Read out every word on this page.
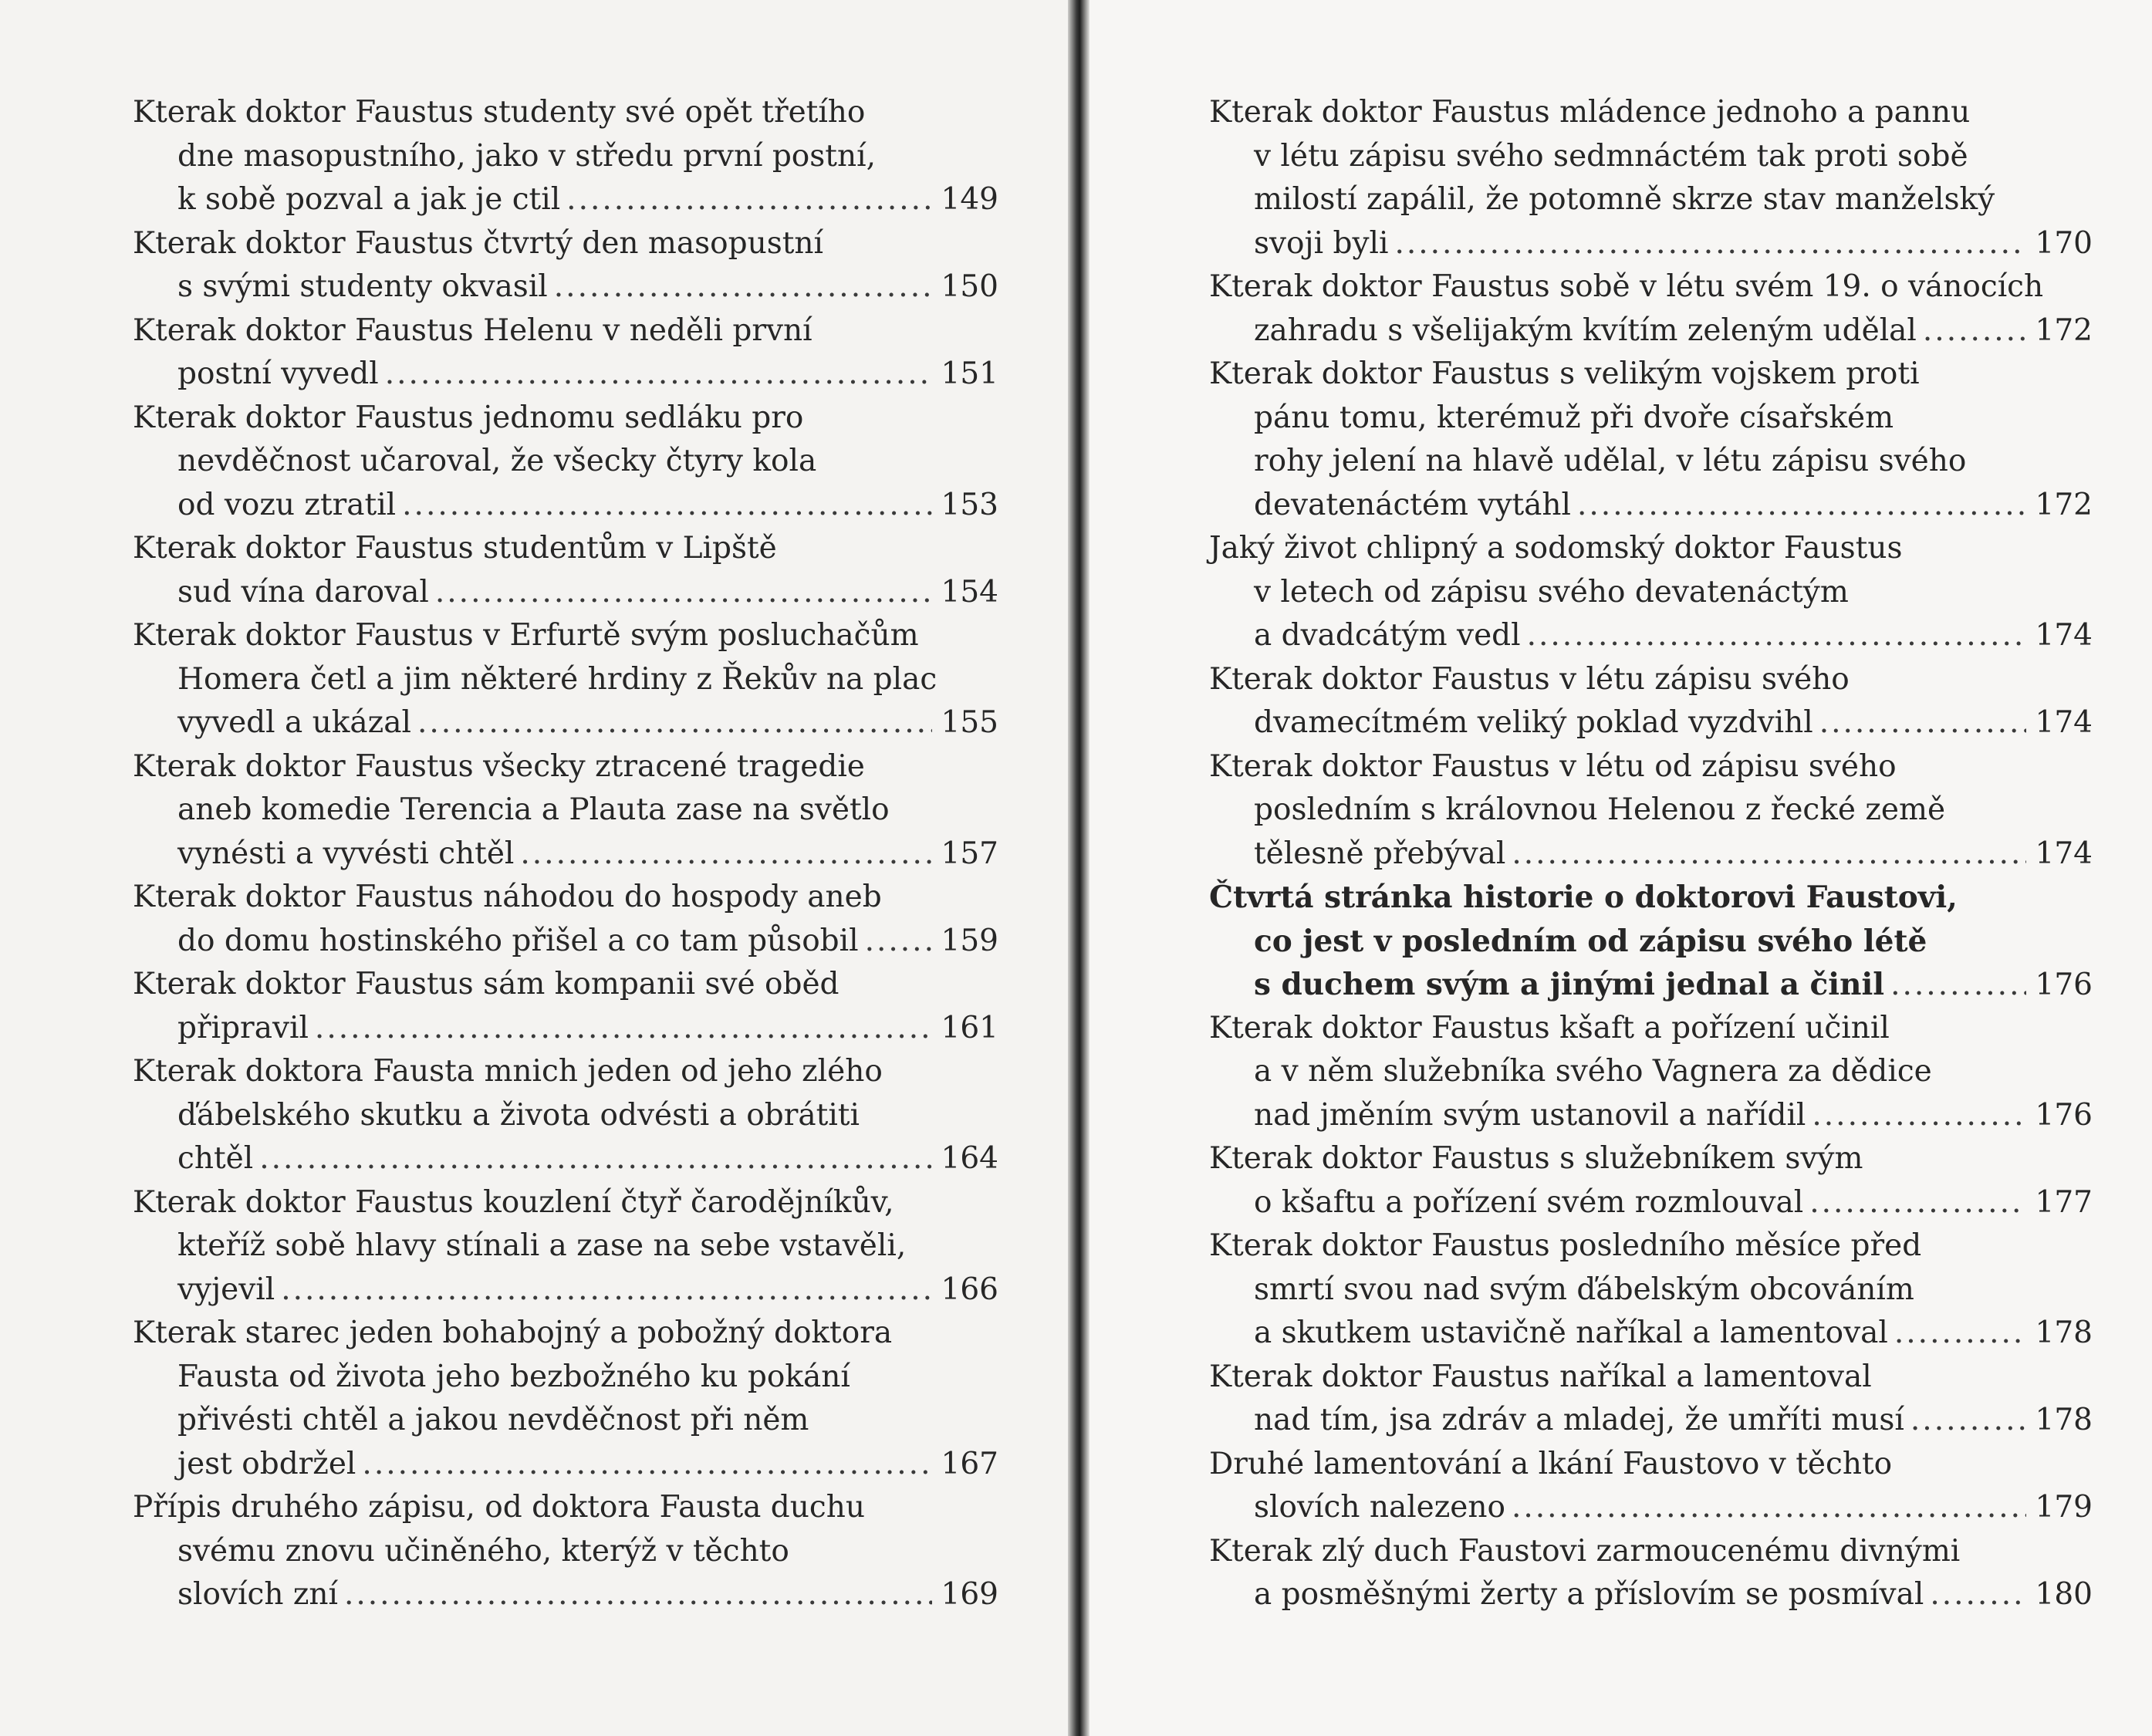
Kterak doktor Faustus studenty své opět třetího
dne masopustního, jako v středu první postní,
k sobě pozval a jak je ctil .....	149
Kterak doktor Faustus čtvrtý den masopustní
s svými studenty okvasil .....	150
Kterak doktor Faustus Helenu v neděli první
postní vyvedl .....	151
Kterak doktor Faustus jednomu sedláku pro
nevděčnost učaroval, že všecky čtyry kola
od vozu ztratil .....	153
Kterak doktor Faustus studentům v Lipště
sud vína daroval .....	154
Kterak doktor Faustus v Erfurtě svým posluchačům
Homera četl a jim některé hrdiny z Řekův na plac
vyvedl a ukázal .....	155
Kterak doktor Faustus všecky ztracené tragedie
aneb komedie Terencia a Plauta zase na světlo
vynésti a vyvésti chtěl .....	157
Kterak doktor Faustus náhodou do hospody aneb
do domu hostinského přišel a co tam působil .....	159
Kterak doktor Faustus sám kompanii své oběd
připravil .....	161
Kterak doktora Fausta mnich jeden od jeho zlého
ďábelského skutku a života odvésti a obrátiti
chtěl .....	164
Kterak doktor Faustus kouzlení čtyř čarodějníkův,
kteříž sobě hlavy stínali a zase na sebe vstavěli,
vyjevil .....	166
Kterak starec jeden bohabojný a pobožný doktora
Fausta od života jeho bezbožného ku pokání
přivésti chtěl a jakou nevděčnost při něm
jest obdržel .....	167
Přípis druhého zápisu, od doktora Fausta duchu
svému znovu učiněného, kterýž v těchto
slovích zní .....	169
Kterak doktor Faustus mládence jednoho a pannu
v létu zápisu svého sedmnáctém tak proti sobě
milostí zapálil, že potomně skrze stav manželský
svoji byli .....	170
Kterak doktor Faustus sobě v létu svém 19. o vánocích
zahradu s všelijakým kvítím zeleným udělal .....	172
Kterak doktor Faustus s velikým vojskem proti
pánu tomu, kterémuž při dvoře císařském
rohy jelení na hlavě udělal, v létu zápisu svého
devatenáctém vytáhl .....	172
Jaký život chlipný a sodomský doktor Faustus
v letech od zápisu svého devatenáctým
a dvadcátým vedl .....	174
Kterak doktor Faustus v létu zápisu svého
dvamecítmém veliký poklad vyzdvihl .....	174
Kterak doktor Faustus v létu od zápisu svého
posledním s královnou Helenou z řecké země
tělesně přebýval .....	174
Čtvrtá stránka historie o doktorovi Faustovi,
co jest v posledním od zápisu svého létě
s duchem svým a jinými jednal a činil .....	176
Kterak doktor Faustus kšaft a pořízení učinil
a v něm služebníka svého Vagnera za dědice
nad jměním svým ustanovil a nařídil .....	176
Kterak doktor Faustus s služebníkem svým
o kšaftu a pořízení svém rozmlouval .....	177
Kterak doktor Faustus posledního měsíce před
smrtí svou nad svým ďábelským obcováním
a skutkem ustavičně naříkal a lamentoval .....	178
Kterak doktor Faustus naříkal a lamentoval
nad tím, jsa zdráv a mladej, že umříti musí .....	178
Druhé lamentování a lkání Faustovo v těchto
slovích nalezeno .....	179
Kterak zlý duch Faustovi zarmoucenému divnými
a posměšnými žerty a příslovím se posmíval .....	180
